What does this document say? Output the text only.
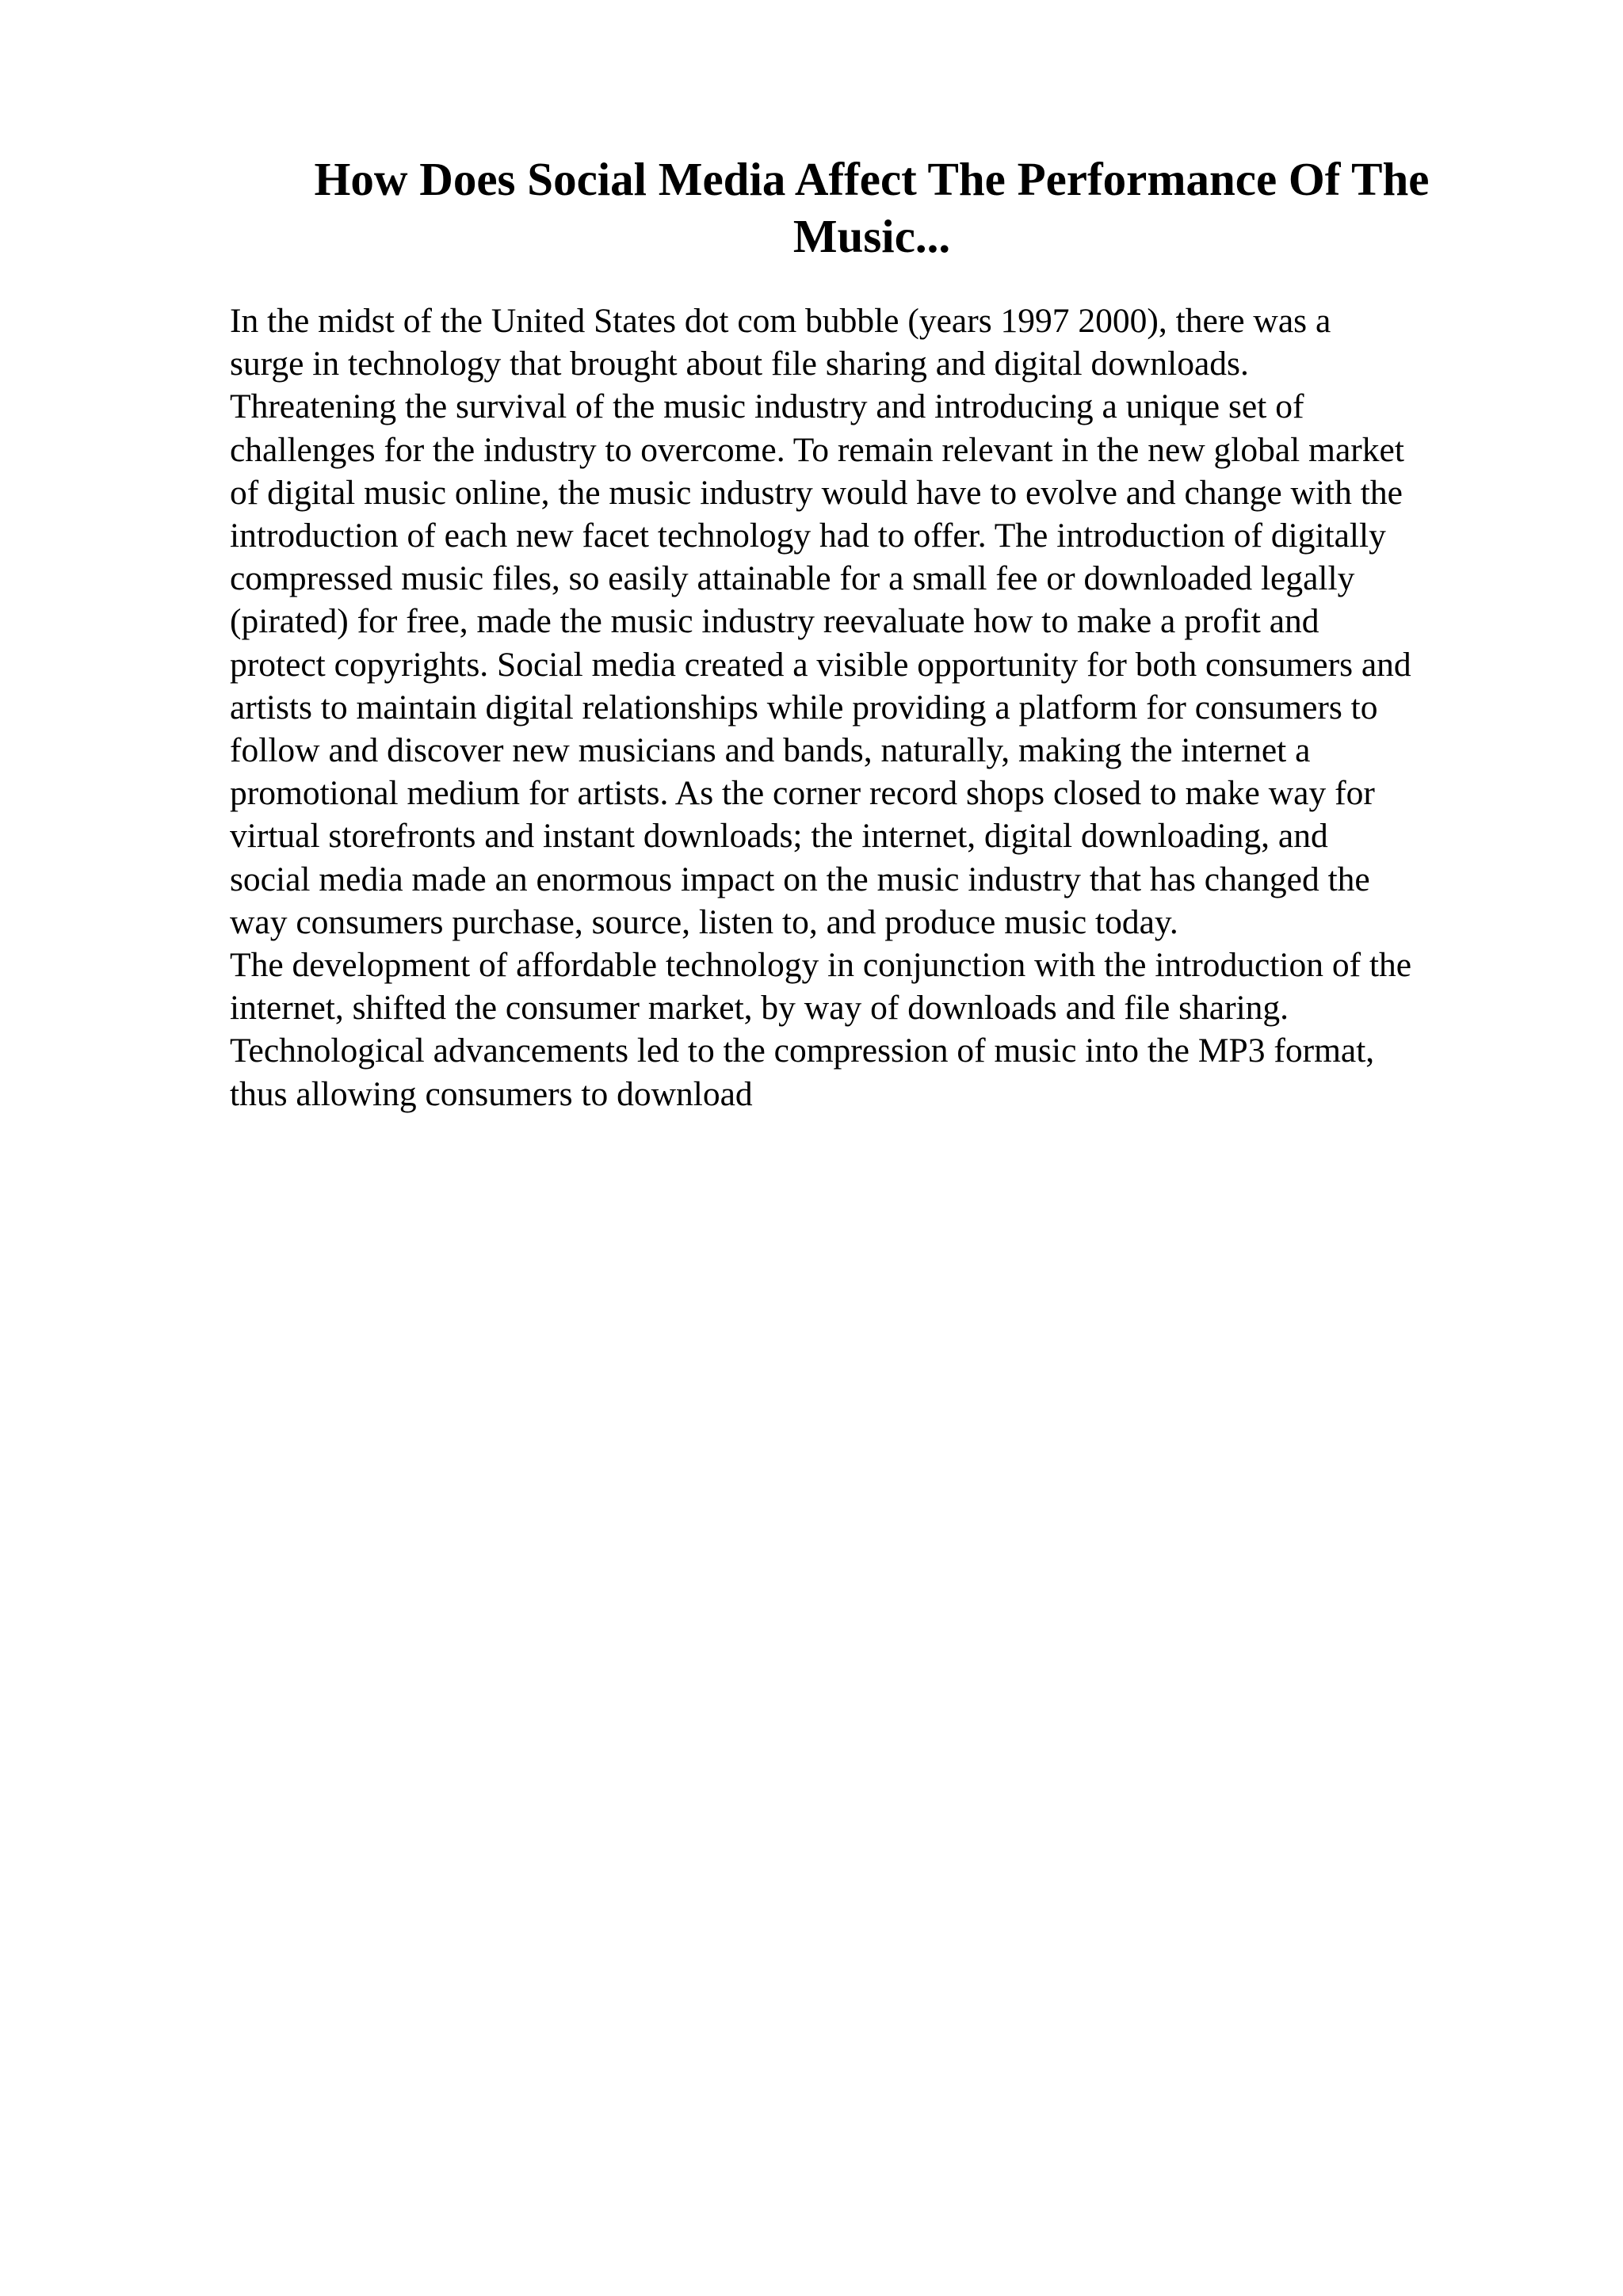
How Does Social Media Affect The Performance Of The
Music...
In the midst of the United States dot com bubble (years 1997 2000), there was a
surge in technology that brought about file sharing and digital downloads.
Threatening the survival of the music industry and introducing a unique set of
challenges for the industry to overcome. To remain relevant in the new global market
of digital music online, the music industry would have to evolve and change with the
introduction of each new facet technology had to offer. The introduction of digitally
compressed music files, so easily attainable for a small fee or downloaded legally
(pirated) for free, made the music industry reevaluate how to make a profit and
protect copyrights. Social media created a visible opportunity for both consumers and
artists to maintain digital relationships while providing a platform for consumers to
follow and discover new musicians and bands, naturally, making the internet a
promotional medium for artists. As the corner record shops closed to make way for
virtual storefronts and instant downloads; the internet, digital downloading, and
social media made an enormous impact on the music industry that has changed the
way consumers purchase, source, listen to, and produce music today.
The development of affordable technology in conjunction with the introduction of the
internet, shifted the consumer market, by way of downloads and file sharing.
Technological advancements led to the compression of music into the MP3 format,
thus allowing consumers to download
